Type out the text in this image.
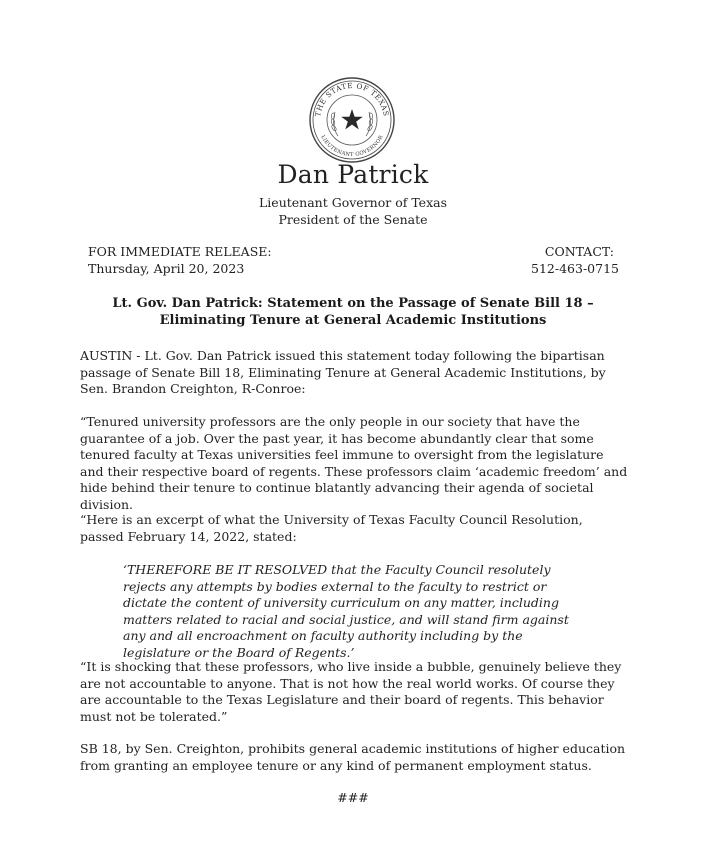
THE STATE OF TEXAS
LIEUTENANT GOVERNOR
Dan Patrick
Lieutenant Governor of Texas
President of the Senate
FOR IMMEDIATE RELEASE:
Thursday, April 20, 2023
CONTACT:
512-463-0715
Lt. Gov. Dan Patrick: Statement on the Passage of Senate Bill 18 – Eliminating Tenure at General Academic Institutions
AUSTIN - Lt. Gov. Dan Patrick issued this statement today following the bipartisan passage of Senate Bill 18, Eliminating Tenure at General Academic Institutions, by Sen. Brandon Creighton, R-Conroe:
“Tenured university professors are the only people in our society that have the guarantee of a job. Over the past year, it has become abundantly clear that some tenured faculty at Texas universities feel immune to oversight from the legislature and their respective board of regents. These professors claim ‘academic freedom’ and hide behind their tenure to continue blatantly advancing their agenda of societal division.
“Here is an excerpt of what the University of Texas Faculty Council Resolution, passed February 14, 2022, stated:
‘THEREFORE BE IT RESOLVED that the Faculty Council resolutely rejects any attempts by bodies external to the faculty to restrict or dictate the content of university curriculum on any matter, including matters related to racial and social justice, and will stand firm against any and all encroachment on faculty authority including by the legislature or the Board of Regents.’
“It is shocking that these professors, who live inside a bubble, genuinely believe they are not accountable to anyone. That is not how the real world works. Of course they are accountable to the Texas Legislature and their board of regents. This behavior must not be tolerated.”
SB 18, by Sen. Creighton, prohibits general academic institutions of higher education from granting an employee tenure or any kind of permanent employment status.
###
